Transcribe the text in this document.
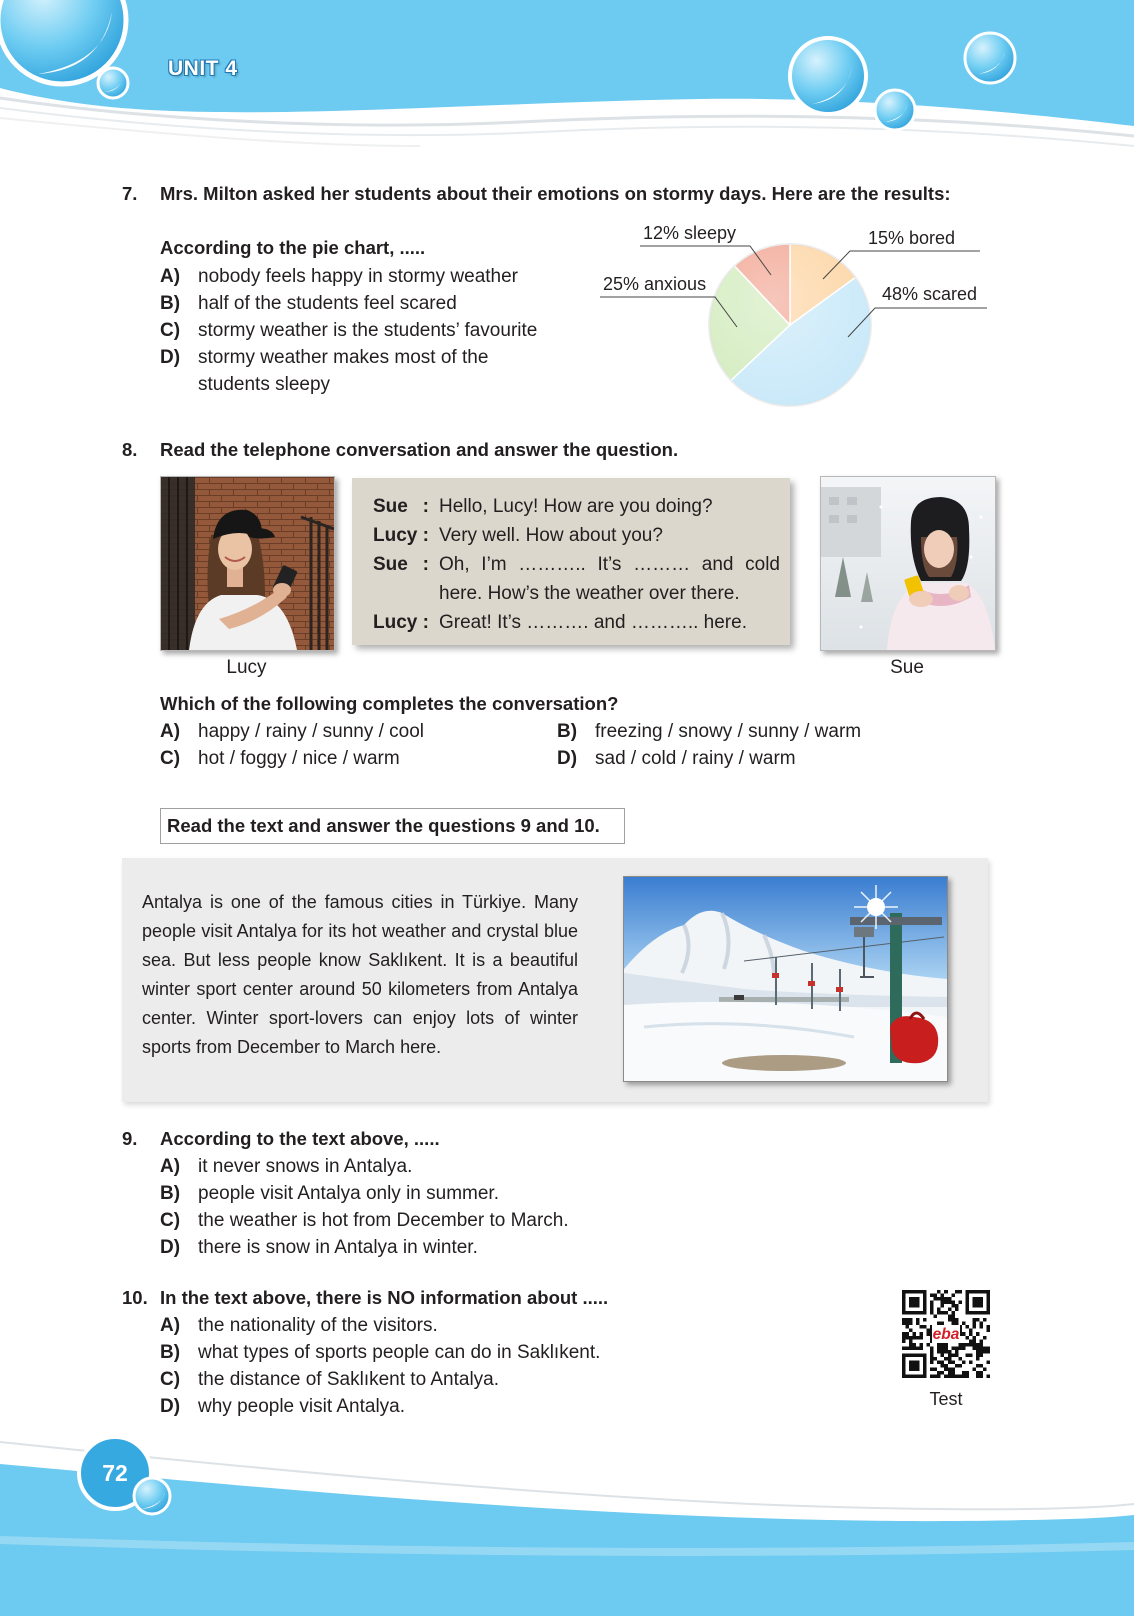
UNIT 4
7. Mrs. Milton asked her students about their emotions on stormy days. Here are the results:
According to the pie chart, .....
A) nobody feels happy in stormy weather
B) half of the students feel scared
C) stormy weather is the students’ favourite
D) stormy weather makes most of the students sleepy
12% sleepy	15% bored
25% anxious	48% scared
8. Read the telephone conversation and answer the question.
Lucy
Sue : Hello, Lucy! How are you doing?
Lucy : Very well. How about you?
Sue : Oh, I’m ……….. It’s ……… and cold here. How’s the weather over there.
Lucy : Great! It’s ………. and ……….. here.
Sue
Which of the following completes the conversation?
A) happy / rainy / sunny / cool	B) freezing / snowy / sunny / warm
C) hot / foggy / nice / warm	D) sad / cold / rainy / warm
Read the text and answer the questions 9 and 10.
Antalya is one of the famous cities in Türkiye. Many people visit Antalya for its hot weather and crystal blue sea. But less people know Saklıkent. It is a beautiful winter sport center around 50 kilometers from Antalya center. Winter sport-lovers can enjoy lots of winter sports from December to March here.
9. According to the text above, .....
A) it never snows in Antalya.
B) people visit Antalya only in summer.
C) the weather is hot from December to March.
D) there is snow in Antalya in winter.
10. In the text above, there is NO information about .....
A) the nationality of the visitors.
B) what types of sports people can do in Saklıkent.
C) the distance of Saklıkent to Antalya.
D) why people visit Antalya.
eba
Test
72
